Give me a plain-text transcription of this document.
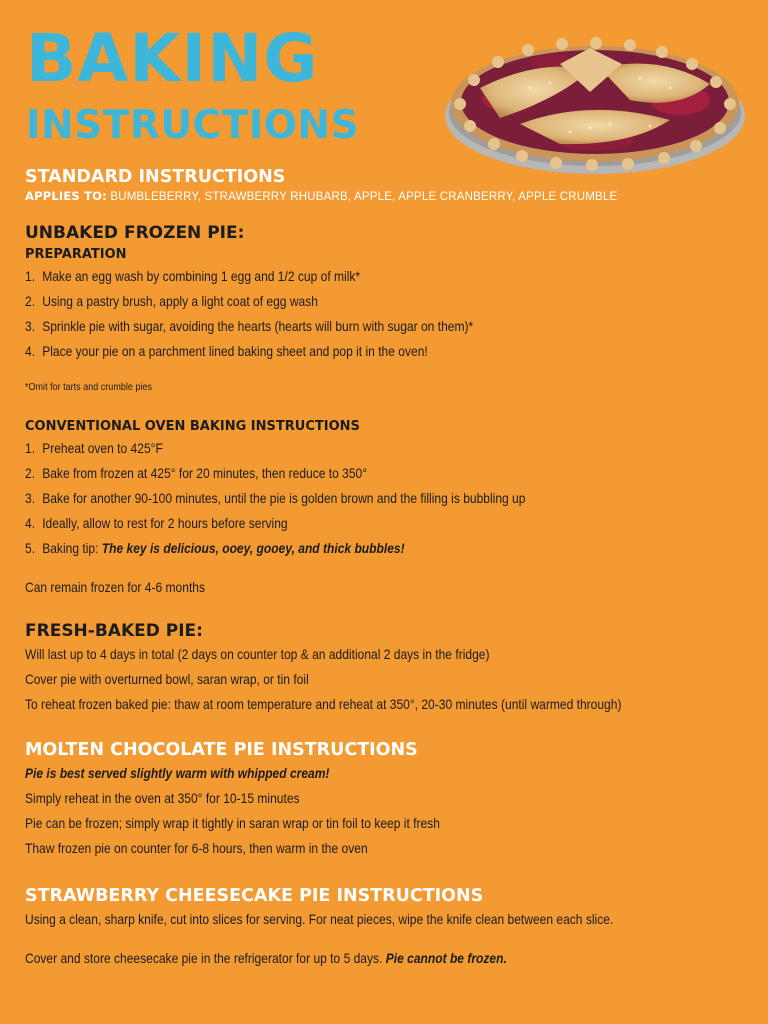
BAKING
INSTRUCTIONS
STANDARD INSTRUCTIONS

APPLIES TO: BUMBLEBERRY, STRAWBERRY RHUBARB, APPLE, APPLE CRANBERRY, APPLE CRUMBLE

UNBAKED FROZEN PIE:
PREPARATION
1. Make an egg wash by combining 1 egg and 1/2 cup of milk*
2. Using a pastry brush, apply a light coat of egg wash
3. Sprinkle pie with sugar, avoiding the hearts (hearts will burn with sugar on them)*
4. Place your pie on a parchment lined baking sheet and pop it in the oven!
*Omit for tarts and crumble pies
CONVENTIONAL OVEN BAKING INSTRUCTIONS
1. Preheat oven to 425°F
2. Bake from frozen at 425° for 20 minutes, then reduce to 350°
3. Bake for another 90-100 minutes, until the pie is golden brown and the filling is bubbling up
4. Ideally, allow to rest for 2 hours before serving
5. Baking tip: The key is delicious, ooey, gooey, and thick bubbles!
Can remain frozen for 4-6 months
FRESH-BAKED PIE:
Will last up to 4 days in total (2 days on counter top & an additional 2 days in the fridge)
Cover pie with overturned bowl, saran wrap, or tin foil
To reheat frozen baked pie: thaw at room temperature and reheat at 350°, 20-30 minutes (until warmed through)
MOLTEN CHOCOLATE PIE INSTRUCTIONS
Pie is best served slightly warm with whipped cream!
Simply reheat in the oven at 350° for 10-15 minutes
Pie can be frozen; simply wrap it tightly in saran wrap or tin foil to keep it fresh
Thaw frozen pie on counter for 6-8 hours, then warm in the oven
STRAWBERRY CHEESECAKE PIE INSTRUCTIONS
Using a clean, sharp knife, cut into slices for serving. For neat pieces, wipe the knife clean between each slice.
Cover and store cheesecake pie in the refrigerator for up to 5 days. Pie cannot be frozen.
